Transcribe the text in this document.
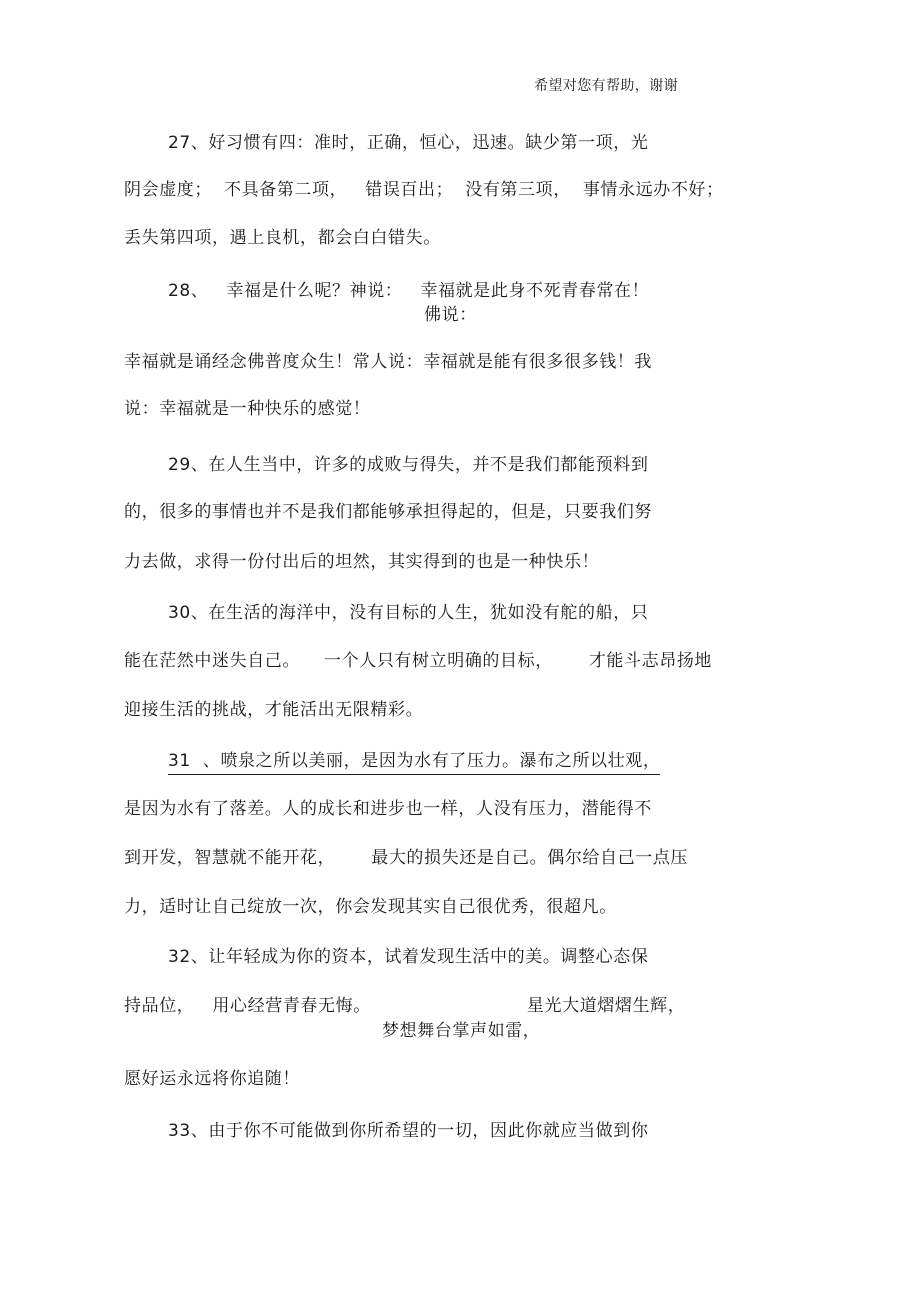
希望对您有帮助，谢谢
27、好习惯有四：准时，正确，恒心，迅速。缺少第一项，光
阴会虚度；  不具备第二项，   错误百出；  没有第三项，  事情永远办不好；
丢失第四项，遇上良机，都会白白错失。
28、   幸福是什么呢？神说：   幸福就是此身不死青春常在！
佛说：
幸福就是诵经念佛普度众生！常人说：幸福就是能有很多很多钱！我
说：幸福就是一种快乐的感觉！
29、在人生当中，许多的成败与得失，并不是我们都能预料到
的，很多的事情也并不是我们都能够承担得起的，但是，只要我们努
力去做，求得一份付出后的坦然，其实得到的也是一种快乐！
30、在生活的海洋中，没有目标的人生，犹如没有舵的船，只
能在茫然中迷失自己。    一个人只有树立明确的目标，      才能斗志昂扬地
迎接生活的挑战，才能活出无限精彩。
31  、喷泉之所以美丽，是因为水有了压力。瀑布之所以壮观，
是因为水有了落差。人的成长和进步也一样，人没有压力，潜能得不
到开发，智慧就不能开花，      最大的损失还是自己。偶尔给自己一点压
力，适时让自己绽放一次，你会发现其实自己很优秀，很超凡。
32、让年轻成为你的资本，试着发现生活中的美。调整心态保
持品位，   用心经营青春无悔。                          星光大道熠熠生辉，
梦想舞台掌声如雷，
愿好运永远将你追随！
33、由于你不可能做到你所希望的一切，因此你就应当做到你
